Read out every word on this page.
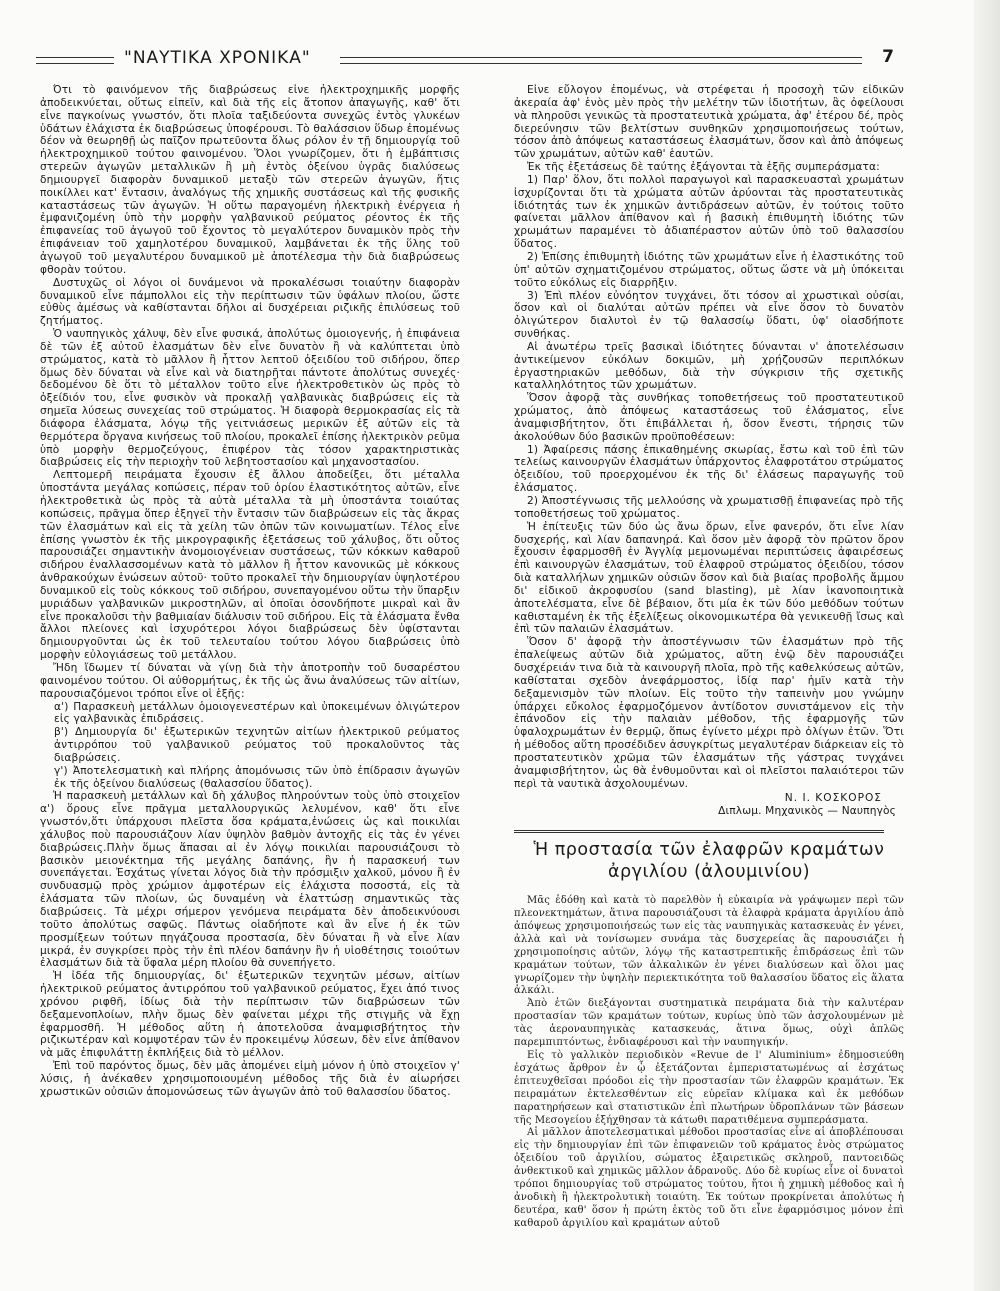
"ΝΑΥΤΙΚΑ ΧΡΟΝΙΚΑ"	7

Ότι τὸ φαινόμενον τῆς διαβρώσεως εἶνε ἠλεκτροχημικῆς μορφῆς ἀποδεικνύεται, οὕτως εἰπεῖν, καὶ διὰ τῆς εἰς ἄτοπον ἀπαγωγῆς, καθ' ὅτι εἶνε παγκοίνως γνωστόν, ὅτι πλοῖα ταξιδεύοντα συνεχῶς ἐντὸς γλυκέων ὑδάτων ἐλάχιστα ἐκ διαβρώσεως ὑποφέρουσι. Τὸ θαλάσσιον ὕδωρ ἐπομένως δέον νὰ θεωρηθῇ ὡς παῖζον πρωτεῦοντα ὅλως ρόλον ἐν τῇ δημιουργίᾳ τοῦ ἠλεκτροχημικοῦ τούτου φαινομένου. Ὅλοι γνωρίζομεν, ὅτι ἡ ἐμβάπτισις στερεῶν ἀγωγῶν μεταλλικῶν ἢ μὴ ἐντὸς ὀξείνου ὑγρᾶς διαλύσεως δημιουργεῖ διαφορὰν δυναμικοῦ μεταξὺ τῶν στερεῶν ἀγωγῶν, ἥτις ποικίλλει κατ' ἔντασιν, ἀναλόγως τῆς χημικῆς συστάσεως καὶ τῆς φυσικῆς καταστάσεως τῶν ἀγωγῶν. Ἡ οὕτω παραγομένη ἠλεκτρικὴ ἐνέργεια ἡ ἐμφανιζομένη ὑπὸ τὴν μορφὴν γαλβανικοῦ ρεύματος ρέοντος ἐκ τῆς ἐπιφανείας τοῦ ἀγωγοῦ τοῦ ἔχοντος τὸ μεγαλύτερον δυναμικὸν πρὸς τὴν ἐπιφάνειαν τοῦ χαμηλοτέρου δυναμικοῦ, λαμβάνεται ἐκ τῆς ὕλης τοῦ ἀγωγοῦ τοῦ μεγαλυτέρου δυναμικοῦ μὲ ἀποτέλεσμα τὴν διὰ διαβρώσεως φθορὰν τούτου.

Δυστυχῶς οἱ λόγοι οἱ δυνάμενοι νὰ προκαλέσωσι τοιαύτην διαφορὰν δυναμικοῦ εἶνε πάμπολλοι εἰς τὴν περίπτωσιν τῶν ὑφάλων πλοίου, ὥστε εὐθὺς ἀμέσως νὰ καθίστανται δῆλοι αἱ δυσχέρειαι ριζικῆς ἐπιλύσεως τοῦ ζητήματος.

Ὁ ναυπηγικὸς χάλυψ, δὲν εἶνε φυσικά, ἀπολύτως ὁμοιογενής, ἡ ἐπιφάνεια δὲ τῶν ἐξ αὐτοῦ ἐλασμάτων δὲν εἶνε δυνατὸν ἢ νὰ καλύπτεται ὑπὸ στρώματος, κατὰ τὸ μᾶλλον ἢ ἧττον λεπτοῦ ὀξειδίου τοῦ σιδήρου, ὅπερ ὅμως δὲν δύναται νὰ εἶνε καὶ νὰ διατηρῆται πάντοτε ἀπολύτως συνεχές· δεδομένου δὲ ὅτι τὸ μέταλλον τοῦτο εἶνε ἠλεκτροθετικὸν ὡς πρὸς τὸ ὀξείδιόν του, εἶνε φυσικὸν νὰ προκαλῇ γαλβανικὰς διαβρώσεις εἰς τὰ σημεῖα λύσεως συνεχείας τοῦ στρώματος. Ἡ διαφορὰ θερμοκρασίας εἰς τὰ διάφορα ἐλάσματα, λόγῳ τῆς γειτνιάσεως μερικῶν ἐξ αὐτῶν εἰς τὰ θερμότερα ὄργανα κινήσεως τοῦ πλοίου, προκαλεῖ ἐπίσης ἠλεκτρικὸν ρεῦμα ὑπὸ μορφὴν θερμοζεύγους, ἐπιφέρον τὰς τόσον χαρακτηριστικὰς διαβρώσεις εἰς τὴν περιοχὴν τοῦ λεβητοστασίου καὶ μηχανοστασίου.

Λεπτομερῆ πειράματα ἔχουσιν ἐξ ἄλλου ἀποδείξει, ὅτι μέταλλα ὑποστάντα μεγάλας κοπώσεις, πέραν τοῦ ὁρίου ἐλαστικότητος αὐτῶν, εἶνε ἠλεκτροθετικὰ ὡς πρὸς τὰ αὐτὰ μέταλλα τὰ μὴ ὑποστάντα τοιαύτας κοπώσεις, πρᾶγμα ὅπερ ἐξηγεῖ τὴν ἔντασιν τῶν διαβρώσεων εἰς τὰς ἄκρας τῶν ἐλασμάτων καὶ εἰς τὰ χείλη τῶν ὀπῶν τῶν κοινωματίων. Τέλος εἶνε ἐπίσης γνωστὸν ἐκ τῆς μικρογραφικῆς ἐξετάσεως τοῦ χάλυβος, ὅτι οὗτος παρουσιάζει σημαντικὴν ἀνομοιογένειαν συστάσεως, τῶν κόκκων καθαροῦ σιδήρου ἐναλλασσομένων κατὰ τὸ μᾶλλον ἢ ἧττον κανονικῶς μὲ κόκκους ἀνθρακούχων ἑνώσεων αὐτοῦ· τοῦτο προκαλεῖ τὴν δημιουργίαν ὑψηλοτέρου δυναμικοῦ εἰς τοὺς κόκκους τοῦ σιδήρου, συνεπαγομένου οὕτω τὴν ὕπαρξιν μυριάδων γαλβανικῶν μικροστηλῶν, αἱ ὁποῖαι ὁσονδήποτε μικραὶ καὶ ἂν εἶνε προκαλοῦσι τὴν βαθμιαίαν διάλυσιν τοῦ σιδήρου. Εἰς τὰ ἐλάσματα ἔνθα ἄλλοι πλείονες καὶ ἰσχυρότεροι λόγοι διαβρώσεως δὲν ὑφίστανται δημιουργοῦνται ὡς ἐκ τοῦ τελευταίου τούτου λόγου διαβρώσεις ὑπὸ μορφὴν εὐλογιάσεως τοῦ μετάλλου.

Ἤδη ἴδωμεν τί δύναται νὰ γίνῃ διὰ τὴν ἀποτροπὴν τοῦ δυσαρέστου φαινομένου τούτου. Οἱ αὐθορμήτως, ἐκ τῆς ὡς ἄνω ἀναλύσεως τῶν αἰτίων, παρουσιαζόμενοι τρόποι εἶνε οἱ ἑξῆς:

α') Παρασκευὴ μετάλλων ὁμοιογενεστέρων καὶ ὑποκειμένων ὀλιγώτερον εἰς γαλβανικὰς ἐπιδράσεις.

β') Δημιουργία δι' ἐξωτερικῶν τεχνητῶν αἰτίων ἠλεκτρικοῦ ρεύματος ἀντιρρόπου τοῦ γαλβανικοῦ ρεύματος τοῦ προκαλοῦντος τὰς διαβρώσεις.

γ') Ἀποτελεσματικὴ καὶ πλήρης ἀπομόνωσις τῶν ὑπὸ ἐπίδρασιν ἀγωγῶν ἐκ τῆς ὀξείνου διαλύσεως (θαλασσίου ὕδατος).

Ἡ παρασκευὴ μετάλλων καὶ δὴ χάλυβος πληρούντων τοὺς ὑπὸ στοιχεῖον α') ὅρους εἶνε πρᾶγμα μεταλλουργικῶς λελυμένον, καθ' ὅτι εἶνε γνωστόν,ὅτι ὑπάρχουσι πλεῖστα ὅσα κράματα,ἑνώσεις ὡς καὶ ποικιλίαι χάλυβος ποὺ παρουσιάζουν λίαν ὑψηλὸν βαθμὸν ἀντοχῆς εἰς τὰς ἐν γένει διαβρώσεις.Πλὴν ὅμως ἅπασαι αἱ ἐν λόγῳ ποικιλίαι παρουσιάζουσι τὸ βασικὸν μειονέκτημα τῆς μεγάλης δαπάνης, ἣν ἡ παρασκευή των συνεπάγεται. Ἐσχάτως γίνεται λόγος διὰ τὴν πρόσμιξιν χαλκοῦ, μόνου ἢ ἐν συνδυασμῷ πρὸς χρώμιον ἀμφοτέρων εἰς ἐλάχιστα ποσοστά, εἰς τὰ ἐλάσματα τῶν πλοίων, ὡς δυναμένη νὰ ἐλαττώσῃ σημαντικῶς τὰς διαβρώσεις. Τὰ μέχρι σήμερον γενόμενα πειράματα δὲν ἀποδεικνύουσι τοῦτο ἀπολύτως σαφῶς. Πάντως οἱαδήποτε καὶ ἂν εἶνε ἡ ἐκ τῶν προσμίξεων τούτων πηγάζουσα προστασία, δὲν δύναται ἢ νὰ εἶνε λίαν μικρά, ἐν συγκρίσει πρὸς τὴν ἐπὶ πλέον δαπάνην ἣν ἡ υἱοθέτησις τοιούτων ἐλασμάτων διὰ τὰ ὕφαλα μέρη πλοίου θὰ συνεπήγετο.

Ἡ ἰδέα τῆς δημιουργίας, δι' ἐξωτερικῶν τεχνητῶν μέσων, αἰτίων ἠλεκτρικοῦ ρεύματος ἀντιρρόπου τοῦ γαλβανικοῦ ρεύματος, ἔχει ἀπό τινος χρόνου ριφθῆ, ἰδίως διὰ τὴν περίπτωσιν τῶν διαβρώσεων τῶν δεξαμενοπλοίων, πλὴν ὅμως δὲν φαίνεται μέχρι τῆς στιγμῆς νὰ ἔχῃ ἐφαρμοσθῆ. Ἡ μέθοδος αὕτη ἡ ἀποτελοῦσα ἀναμφισβήτητος τὴν ριζικωτέραν καὶ κομψοτέραν τῶν ἐν προκειμένῳ λύσεων, δὲν εἶνε ἀπίθανον νὰ μᾶς ἐπιφυλάττῃ ἐκπλήξεις διὰ τὸ μέλλον.

Ἐπὶ τοῦ παρόντος ὅμως, δὲν μᾶς ἀπομένει εἰμὴ μόνον ἡ ὑπὸ στοιχεῖον γ' λύσις, ἡ ἀνέκαθεν χρησιμοποιουμένη μέθοδος τῆς διὰ ἐν αἰωρήσει χρωστικῶν οὐσιῶν ἀπομονώσεως τῶν ἀγωγῶν ἀπὸ τοῦ θαλασσίου ὕδατος.

Εἶνε εὔλογον ἐπομένως, νὰ στρέφεται ἡ προσοχὴ τῶν εἰδικῶν ἀκεραία ἀφ' ἑνὸς μὲν πρὸς τὴν μελέτην τῶν ἰδιοτήτων, ἃς ὀφείλουσι νὰ πληροῦσι γενικῶς τὰ προστατευτικὰ χρώματα, ἀφ' ἑτέρου δέ, πρὸς διερεύνησιν τῶν βελτίστων συνθηκῶν χρησιμοποιήσεως τούτων, τόσον ἀπὸ ἀπόψεως καταστάσεως ἐλασμάτων, ὅσον καὶ ἀπὸ ἀπόψεως τῶν χρωμάτων, αὐτῶν καθ' ἑαυτῶν.

Ἐκ τῆς ἐξετάσεως δὲ ταύτης ἐξάγονται τὰ ἑξῆς συμπεράσματα:

1) Παρ' ὅλον, ὅτι πολλοὶ παραγωγοὶ καὶ παρασκευασταὶ χρωμάτων ἰσχυρίζονται ὅτι τὰ χρώματα αὐτῶν ἀρύονται τὰς προστατευτικὰς ἰδιότητάς των ἐκ χημικῶν ἀντιδράσεων αὐτῶν, ἐν τούτοις τοῦτο φαίνεται μᾶλλον ἀπίθανον καὶ ἡ βασικὴ ἐπιθυμητὴ ἰδιότης τῶν χρωμάτων παραμένει τὸ ἀδιαπέραστον αὐτῶν ὑπὸ τοῦ θαλασσίου ὕδατος.

2) Ἐπίσης ἐπιθυμητὴ ἰδιότης τῶν χρωμάτων εἶνε ἡ ἐλαστικότης τοῦ ὑπ' αὐτῶν σχηματιζομένου στρώματος, οὕτως ὥστε νὰ μὴ ὑπόκειται τοῦτο εὐκόλως εἰς διαρρῆξιν.

3) Ἐπὶ πλέον εὐνόητον τυγχάνει, ὅτι τόσον αἱ χρωστικαὶ οὐσίαι, ὅσον καὶ οἱ διαλύται αὐτῶν πρέπει νὰ εἶνε ὅσον τὸ δυνατὸν ὀλιγώτερον διαλυτοὶ ἐν τῷ θαλασσίῳ ὕδατι, ὑφ' οἱασδήποτε συνθήκας.

Αἱ ἀνωτέρω τρεῖς βασικαὶ ἰδιότητες δύνανται ν' ἀποτελέσωσιν ἀντικείμενον εὐκόλων δοκιμῶν, μὴ χρῄζουσῶν περιπλόκων ἐργαστηριακῶν μεθόδων, διὰ τὴν σύγκρισιν τῆς σχετικῆς καταλληλότητος τῶν χρωμάτων.

Ὅσον ἀφορᾷ τὰς συνθήκας τοποθετήσεως τοῦ προστατευτικοῦ χρώματος, ἀπὸ ἀπόψεως καταστάσεως τοῦ ἐλάσματος, εἶνε ἀναμφισβήτητον, ὅτι ἐπιβάλλεται ἡ, ὅσον ἔνεστι, τήρησις τῶν ἀκολούθων δύο βασικῶν προϋποθέσεων:

1) Ἀφαίρεσις πάσης ἐπικαθημένης σκωρίας, ἔστω καὶ τοῦ ἐπὶ τῶν τελείως καινουργῶν ἐλασμάτων ὑπάρχοντος ἐλαφροτάτου στρώματος ὀξειδίου, τοῦ προερχομένου ἐκ τῆς δι' ἐλάσεως παραγωγῆς τοῦ ἐλάσματος.

2) Ἀποστέγνωσις τῆς μελλούσης νὰ χρωματισθῇ ἐπιφανείας πρὸ τῆς τοποθετήσεως τοῦ χρώματος.

Ἡ ἐπίτευξις τῶν δύο ὡς ἄνω ὅρων, εἶνε φανερόν, ὅτι εἶνε λίαν δυσχερής, καὶ λίαν δαπανηρά. Καὶ ὅσον μὲν ἀφορᾷ τὸν πρῶτον ὅρον ἔχουσιν ἐφαρμοσθῆ ἐν Ἀγγλίᾳ μεμονωμέναι περιπτώσεις ἀφαιρέσεως ἐπὶ καινουργῶν ἐλασμάτων, τοῦ ἐλαφροῦ στρώματος ὀξειδίου, τόσον διὰ καταλλήλων χημικῶν οὐσιῶν ὅσον καὶ διὰ βιαίας προβολῆς ἄμμου δι' εἰδικοῦ ἀκροφυσίου (sand blasting), μὲ λίαν ἱκανοποιητικὰ ἀποτελέσματα, εἶνε δὲ βέβαιον, ὅτι μία ἐκ τῶν δύο μεθόδων τούτων καθισταμένη ἐκ τῆς ἐξελίξεως οἰκονομικωτέρα θὰ γενικευθῇ ἴσως καὶ ἐπὶ τῶν παλαιῶν ἐλασμάτων.

Ὅσον δ' ἀφορᾷ τὴν ἀποστέγνωσιν τῶν ἐλασμάτων πρὸ τῆς ἐπαλείψεως αὐτῶν διὰ χρώματος, αὕτη ἐνῷ δὲν παρουσιάζει δυσχέρειάν τινα διὰ τὰ καινουργῆ πλοῖα, πρὸ τῆς καθελκύσεως αὐτῶν, καθίσταται σχεδὸν ἀνεφάρμοστος, ἰδίᾳ παρ' ἡμῖν κατὰ τὴν δεξαμενισμὸν τῶν πλοίων. Εἰς τοῦτο τὴν ταπεινὴν μου γνώμην ὑπάρχει εὔκολος ἐφαρμοζόμενον ἀντίδοτον συνιστάμενον εἰς τὴν ἐπάνοδον εἰς τὴν παλαιὰν μέθοδον, τῆς ἐφαρμογῆς τῶν ὑφαλοχρωμάτων ἐν θερμῷ, ὅπως ἐγίνετο μέχρι πρὸ ὀλίγων ἐτῶν. Ὅτι ἡ μέθοδος αὕτη προσέδιδεν ἀσυγκρίτως μεγαλυτέραν διάρκειαν εἰς τὸ προστατευτικὸν χρῶμα τῶν ἐλασμάτων τῆς γάστρας τυγχάνει ἀναμφισβήτητον, ὡς θὰ ἐνθυμοῦνται καὶ οἱ πλεῖστοι παλαιότεροι τῶν περὶ τὰ ναυτικὰ ἀσχολουμένων.

Ν. Ι. ΚΟΣΚΟΡΟΣ
Διπλωμ. Μηχανικὸς — Ναυπηγὸς
Ἡ προστασία τῶν ἐλαφρῶν κραμάτων
ἀργιλίου (ἀλουμινίου)

Μᾶς ἐδόθη καὶ κατὰ τὸ παρελθὸν ἡ εὐκαιρία νὰ γράψωμεν περὶ τῶν πλεονεκτημάτων, ἅτινα παρουσιάζουσι τὰ ἐλαφρὰ κράματα ἀργιλίου ἀπὸ ἀπόψεως χρησιμοποιήσεώς των εἰς τὰς ναυπηγικὰς κατασκευὰς ἐν γένει, ἀλλὰ καὶ νὰ τονίσωμεν συνάμα τὰς δυσχερείας ἃς παρουσιάζει ἡ χρησιμοποίησις αὐτῶν, λόγῳ τῆς καταστρεπτικῆς ἐπιδράσεως ἐπὶ τῶν κραμάτων τούτων, τῶν ἀλκαλικῶν ἐν γένει διαλύσεων καὶ ὅλοι μας γνωρίζομεν τὴν ὑψηλὴν περιεκτικότητα τοῦ θαλασσίου ὕδατος εἰς ἅλατα ἀλκάλι.

Ἀπὸ ἐτῶν διεξάγονται συστηματικὰ πειράματα διὰ τὴν καλυτέραν προστασίαν τῶν κραμάτων τούτων, κυρίως ὑπὸ τῶν ἀσχολουμένων μὲ τὰς ἀεροναυπηγικὰς κατασκευάς, ἅτινα ὅμως, οὐχὶ ἀπλῶς παρεμπιπτόντως, ἐνδιαφέρουσι καὶ τὴν ναυπηγικήν.

Εἰς τὸ γαλλικὸν περιοδικὸν «Revue de l' Aluminium» ἐδημοσιεύθη ἐσχάτως ἄρθρον ἐν ᾧ ἐξετάζονται ἐμπεριστατωμένως αἱ ἐσχάτως ἐπιτευχθεῖσαι πρόοδοι εἰς τὴν προστασίαν τῶν ἐλαφρῶν κραμάτων. Ἐκ πειραμάτων ἐκτελεσθέντων εἰς εὐρεῖαν κλίμακα καὶ ἐκ μεθόδων παρατηρήσεων καὶ στατιστικῶν ἐπὶ πλωτήρων ὑδροπλάνων τῶν βάσεων τῆς Μεσογείου ἐξήχθησαν τὰ κάτωθι παρατιθέμενα συμπεράσματα.

Αἱ μᾶλλον ἀποτελεσματικαὶ μέθοδοι προστασίας εἶνε αἱ ἀποβλέπουσαι εἰς τὴν δημιουργίαν ἐπὶ τῶν ἐπιφανειῶν τοῦ κράματος ἑνὸς στρώματος ὀξειδίου τοῦ ἀργιλίου, σώματος ἐξαιρετικῶς σκληροῦ, παντοειδῶς ἀνθεκτικοῦ καὶ χημικῶς μᾶλλον ἀδρανοῦς. Δύο δὲ κυρίως εἶνε οἱ δυνατοὶ τρόποι δημιουργίας τοῦ στρώματος τούτου, ἤτοι ἡ χημικὴ μέθοδος καὶ ἡ ἀνοδικὴ ἢ ἠλεκτρολυτικὴ τοιαύτη. Ἐκ τούτων προκρίνεται ἀπολύτως ἡ δευτέρα, καθ' ὅσον ἡ πρώτη ἐκτὸς τοῦ ὅτι εἶνε ἐφαρμόσιμος μόνον ἐπὶ καθαροῦ ἀργιλίου καὶ κραμάτων αὐτοῦ
